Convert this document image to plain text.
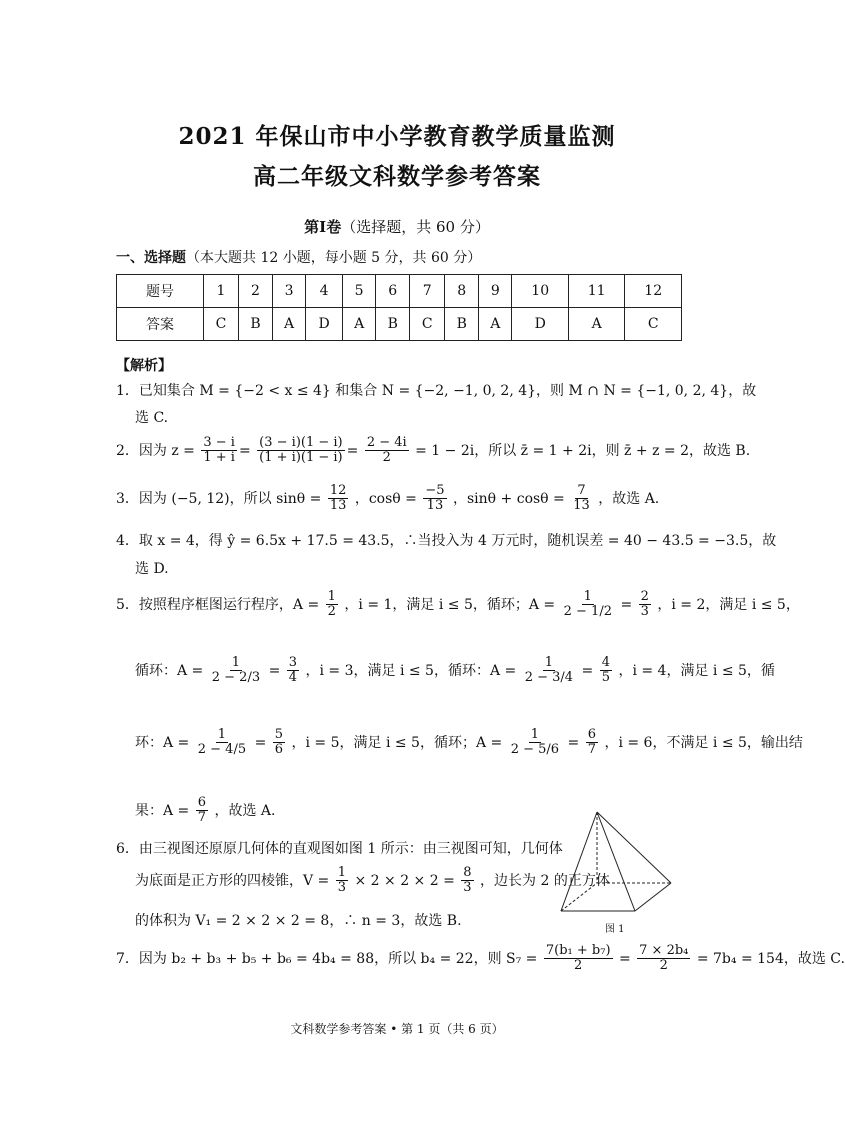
2021 年保山市中小学教育教学质量监测
高二年级文科数学参考答案
第Ⅰ卷（选择题，共 60 分）
一、选择题（本大题共 12 小题，每小题 5 分，共 60 分）
题号	1	2	3	4	5	6	7	8	9	10	11	12
答案	C	B	A	D	A	B	C	B	A	D	A	C
【解析】
1．已知集合 M = {−2 < x ≤ 4} 和集合 N = {−2, −1, 0, 2, 4}，则 M ∩ N = {−1, 0, 2, 4}，故
选 C.
2．因为 $z = \frac{3 - i}{1 + i} = \frac{(3 - i)(1 - i)}{(1 + i)(1 - i)} = \frac{2 - 4i}{2} = 1 - 2i$，所以 z̄ = 1 + 2i，则 z̄ + z = 2，故选 B.
3．因为 (−5, 12)，所以 $\sin\theta = \frac{12}{13}$ ，$\cos\theta = \frac{-5}{13}$ ，$\sin\theta + \cos\theta = \frac{7}{13}$ ，故选 A.
4．取 x = 4，得 ŷ = 6.5x + 17.5 = 43.5，∴当投入为 4 万元时，随机误差 = 40 − 43.5 = −3.5，故
选 D.
5．按照程序框图运行程序，$A = \frac{1}{2}$ ，i = 1，满足 i ≤ 5，循环；$A = \frac{1}{2 - 1/2} = \frac{2}{3}$ ，i = 2，满足 i ≤ 5，
循环：$A = \frac{1}{2 - 2/3} = \frac{3}{4}$ ，i = 3，满足 i ≤ 5，循环：$A = \frac{1}{2 - 3/4} = \frac{4}{5}$ ，i = 4，满足 i ≤ 5，循
环：$A = \frac{1}{2 - 4/5} = \frac{5}{6}$ ，i = 5，满足 i ≤ 5，循环；$A = \frac{1}{2 - 5/6} = \frac{6}{7}$ ，i = 6，不满足 i ≤ 5，输出结
果：$A = \frac{6}{7}$ ，故选 A.
6．由三视图还原原几何体的直观图如图 1 所示：由三视图可知，几何体
为底面是正方形的四棱锥，$V = \frac{1}{3} \times 2 \times 2 \times 2 = \frac{8}{3}$ ，边长为 2 的正方体
的体积为 V₁ = 2 × 2 × 2 = 8，∴ n = 3，故选 B.
图 1
7．因为 b₂ + b₃ + b₅ + b₆ = 4b₄ = 88，所以 b₄ = 22，则 $S_7 = \frac{\text{7(b₁ + b₇)}}{2} = \frac{\text{7 × 2b₄}}{2} = 7b_4 = 154$，故选 C.
文科数学参考答案 • 第 1 页（共 6 页）
